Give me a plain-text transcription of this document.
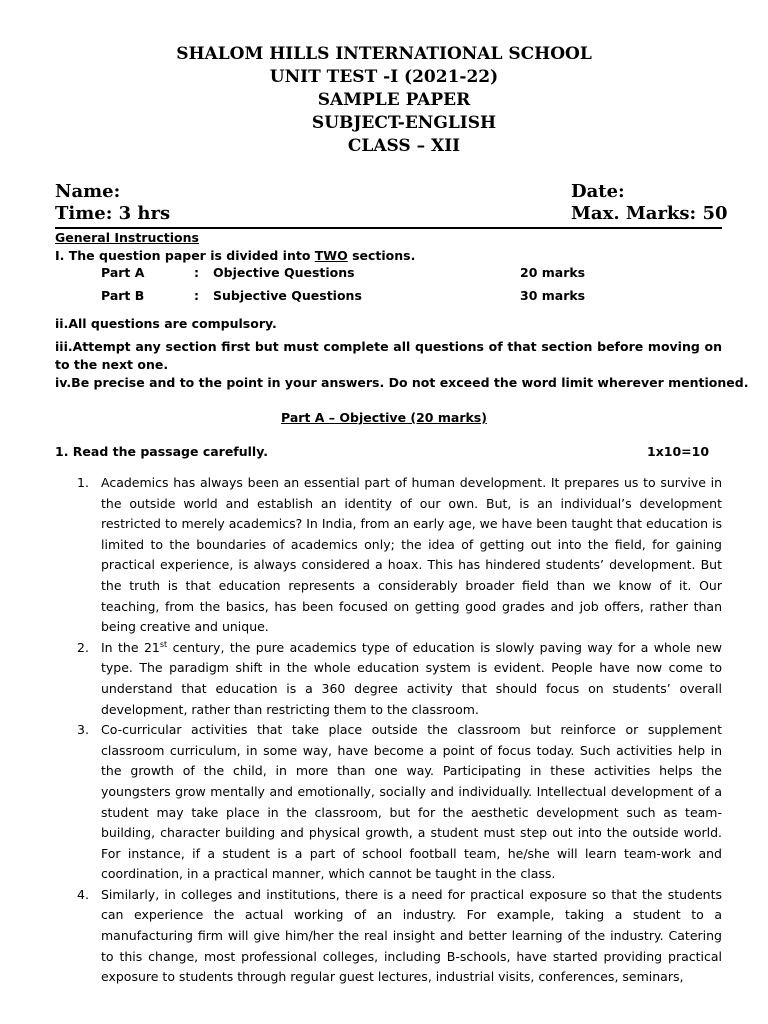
SHALOM HILLS INTERNATIONAL SCHOOL
UNIT TEST -I (2021-22)
SAMPLE PAPER
SUBJECT-ENGLISH
CLASS – XII
Name:	Date:
Time: 3 hrs	Max. Marks: 50
General Instructions
I. The question paper is divided into TWO sections.
Part A	: Objective Questions	20 marks
Part B	: Subjective Questions	30 marks
ii.All questions are compulsory.
iii.Attempt any section first but must complete all questions of that section before moving on to the next one.
iv.Be precise and to the point in your answers. Do not exceed the word limit wherever mentioned.
Part A – Objective (20 marks)
1. Read the passage carefully.	1x10=10
1. Academics has always been an essential part of human development. It prepares us to survive in the outside world and establish an identity of our own. But, is an individual’s development restricted to merely academics? In India, from an early age, we have been taught that education is limited to the boundaries of academics only; the idea of getting out into the field, for gaining practical experience, is always considered a hoax. This has hindered students’ development. But the truth is that education represents a considerably broader field than we know of it. Our teaching, from the basics, has been focused on getting good grades and job offers, rather than being creative and unique.
2. In the 21st century, the pure academics type of education is slowly paving way for a whole new type. The paradigm shift in the whole education system is evident. People have now come to understand that education is a 360 degree activity that should focus on students’ overall development, rather than restricting them to the classroom.
3. Co-curricular activities that take place outside the classroom but reinforce or supplement classroom curriculum, in some way, have become a point of focus today. Such activities help in the growth of the child, in more than one way. Participating in these activities helps the youngsters grow mentally and emotionally, socially and individually. Intellectual development of a student may take place in the classroom, but for the aesthetic development such as team-building, character building and physical growth, a student must step out into the outside world. For instance, if a student is a part of school football team, he/she will learn team-work and coordination, in a practical manner, which cannot be taught in the class.
4. Similarly, in colleges and institutions, there is a need for practical exposure so that the students can experience the actual working of an industry. For example, taking a student to a manufacturing firm will give him/her the real insight and better learning of the industry. Catering to this change, most professional colleges, including B-schools, have started providing practical exposure to students through regular guest lectures, industrial visits, conferences, seminars,
